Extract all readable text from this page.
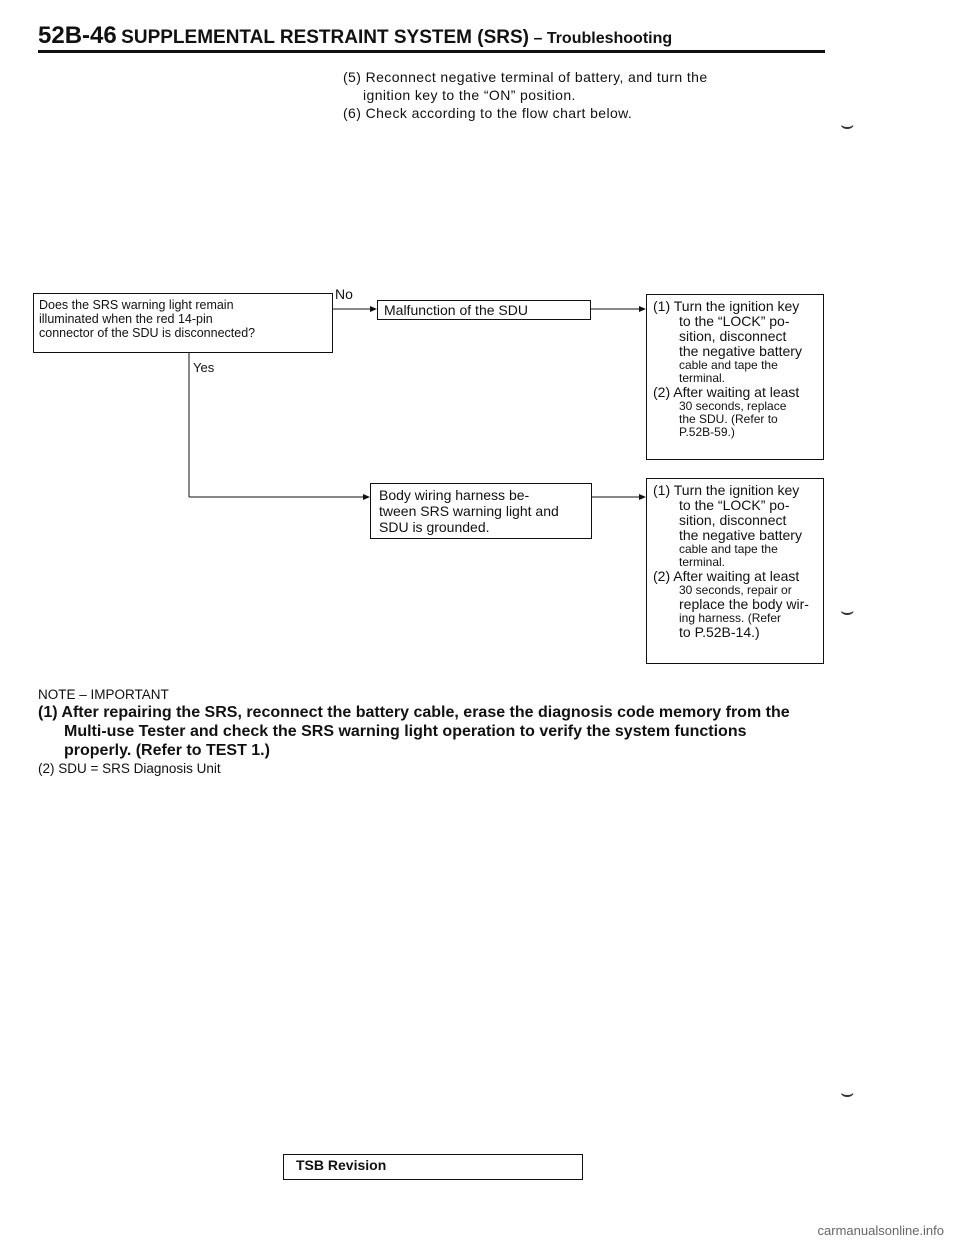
52B-46 SUPPLEMENTAL RESTRAINT SYSTEM (SRS) – Troubleshooting

(5) Reconnect negative terminal of battery, and turn the

ignition key to the “ON” position.

(6) Check according to the flow chart below.

No
Yes
Does the SRS warning light remain
illuminated when the red 14-pin
connector of the SDU is disconnected?
Malfunction of the SDU
Body wiring harness be-
tween SRS warning light and
SDU is grounded.

(1) Turn the ignition key

to the “LOCK” po-

sition, disconnect

the negative battery

cable and tape the

terminal.

(2) After waiting at least

30 seconds, replace

the SDU. (Refer to

P.52B-59.)

(1) Turn the ignition key

to the “LOCK” po-

sition, disconnect

the negative battery

cable and tape the

terminal.

(2) After waiting at least

30 seconds, repair or

replace the body wir-

ing harness. (Refer

to P.52B-14.)

NOTE – IMPORTANT

(1) After repairing the SRS, reconnect the battery cable, erase the diagnosis code memory from the

Multi-use Tester and check the SRS warning light operation to verify the system functions

properly. (Refer to TEST 1.)

(2) SDU = SRS Diagnosis Unit

⌣
⌣
⌣
TSB Revision
carmanualsonline.info
